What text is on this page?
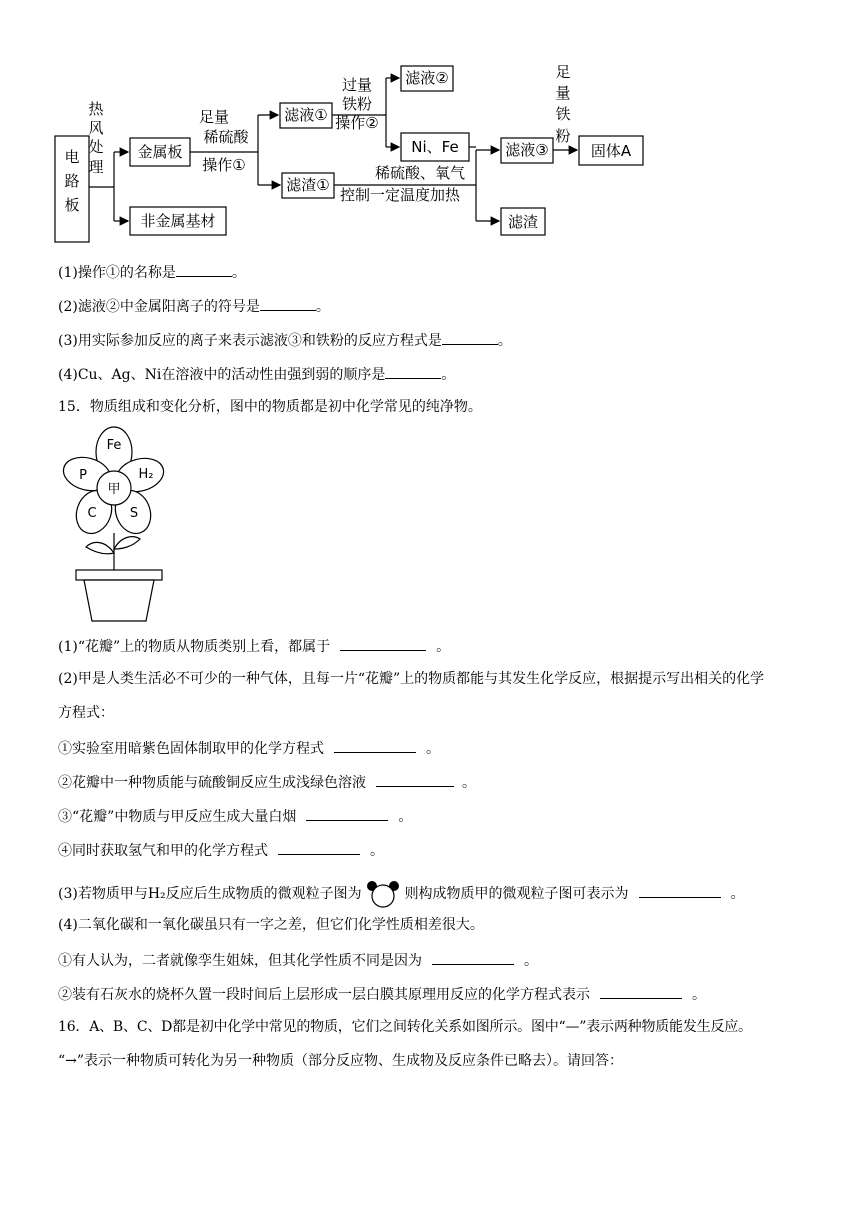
电
路
板
热
风
处
理
金属板
非金属基材
足量
稀硫酸
操作①
滤液①
滤渣①
过量
铁粉
操作②
滤液②
Ni、Fe
稀硫酸、氧气
控制一定温度加热
滤液③
滤渣
足
量
铁
粉
固体A
(1)操作①的名称是	。
(2)滤液②中金属阳离子的符号是	。
(3)用实际参加反应的离子来表示滤液③和铁粉的反应方程式是	。
(4)Cu、Ag、Ni在溶液中的活动性由强到弱的顺序是	。
15．物质组成和变化分析，图中的物质都是初中化学常见的纯净物。
Fe
H₂
S
C
P
甲
(1)“花瓣”上的物质从物质类别上看，都属于	。
(2)甲是人类生活必不可少的一种气体，且每一片“花瓣”上的物质都能与其发生化学反应，根据提示写出相关的化学
方程式：
①实验室用暗紫色固体制取甲的化学方程式	。
②花瓣中一种物质能与硫酸铜反应生成浅绿色溶液	。
③“花瓣”中物质与甲反应生成大量白烟	。
④同时获取氢气和甲的化学方程式	。
(3)若物质甲与H₂反应后生成物质的微观粒子图为	则构成物质甲的微观粒子图可表示为	。
(4)二氧化碳和一氧化碳虽只有一字之差，但它们化学性质相差很大。
①有人认为，二者就像孪生姐妹，但其化学性质不同是因为	。
②装有石灰水的烧杯久置一段时间后上层形成一层白膜其原理用反应的化学方程式表示	。
16．A、B、C、D都是初中化学中常见的物质，它们之间转化关系如图所示。图中“—”表示两种物质能发生反应。
“→”表示一种物质可转化为另一种物质（部分反应物、生成物及反应条件已略去）。请回答：
